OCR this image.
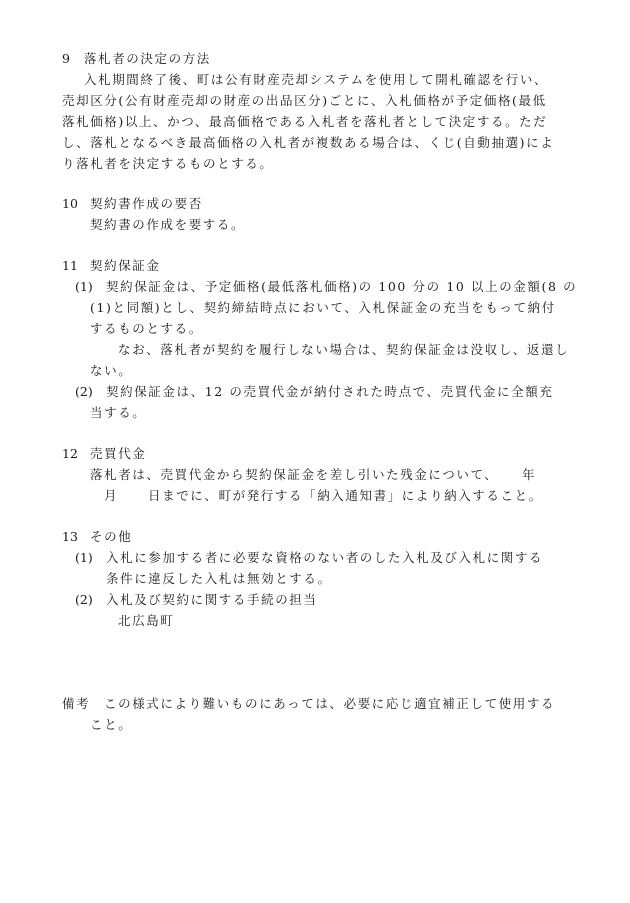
9 落札者の決定の方法
入札期間終了後、町は公有財産売却システムを使用して開札確認を行い、
売却区分(公有財産売却の財産の出品区分)ごとに、入札価格が予定価格(最低
落札価格)以上、かつ、最高価格である入札者を落札者として決定する。ただ
し、落札となるべき最高価格の入札者が複数ある場合は、くじ(自動抽選)によ
り落札者を決定するものとする。
10 契約書作成の要否
契約書の作成を要する。
11 契約保証金
(1) 契約保証金は、予定価格(最低落札価格)の 100 分の 10 以上の金額(8 の
(1)と同額)とし、契約締結時点において、入札保証金の充当をもって納付
するものとする。
なお、落札者が契約を履行しない場合は、契約保証金は没収し、返還し
ない。
(2) 契約保証金は、12 の売買代金が納付された時点で、売買代金に全額充
当する。
12 売買代金
落札者は、売買代金から契約保証金を差し引いた残金について、 年
月 日までに、町が発行する「納入通知書」により納入すること。
13 その他
(1) 入札に参加する者に必要な資格のない者のした入札及び入札に関する
条件に違反した入札は無効とする。
(2) 入札及び契約に関する手続の担当
北広島町
備考 この様式により難いものにあっては、必要に応じ適宜補正して使用する
こと。
